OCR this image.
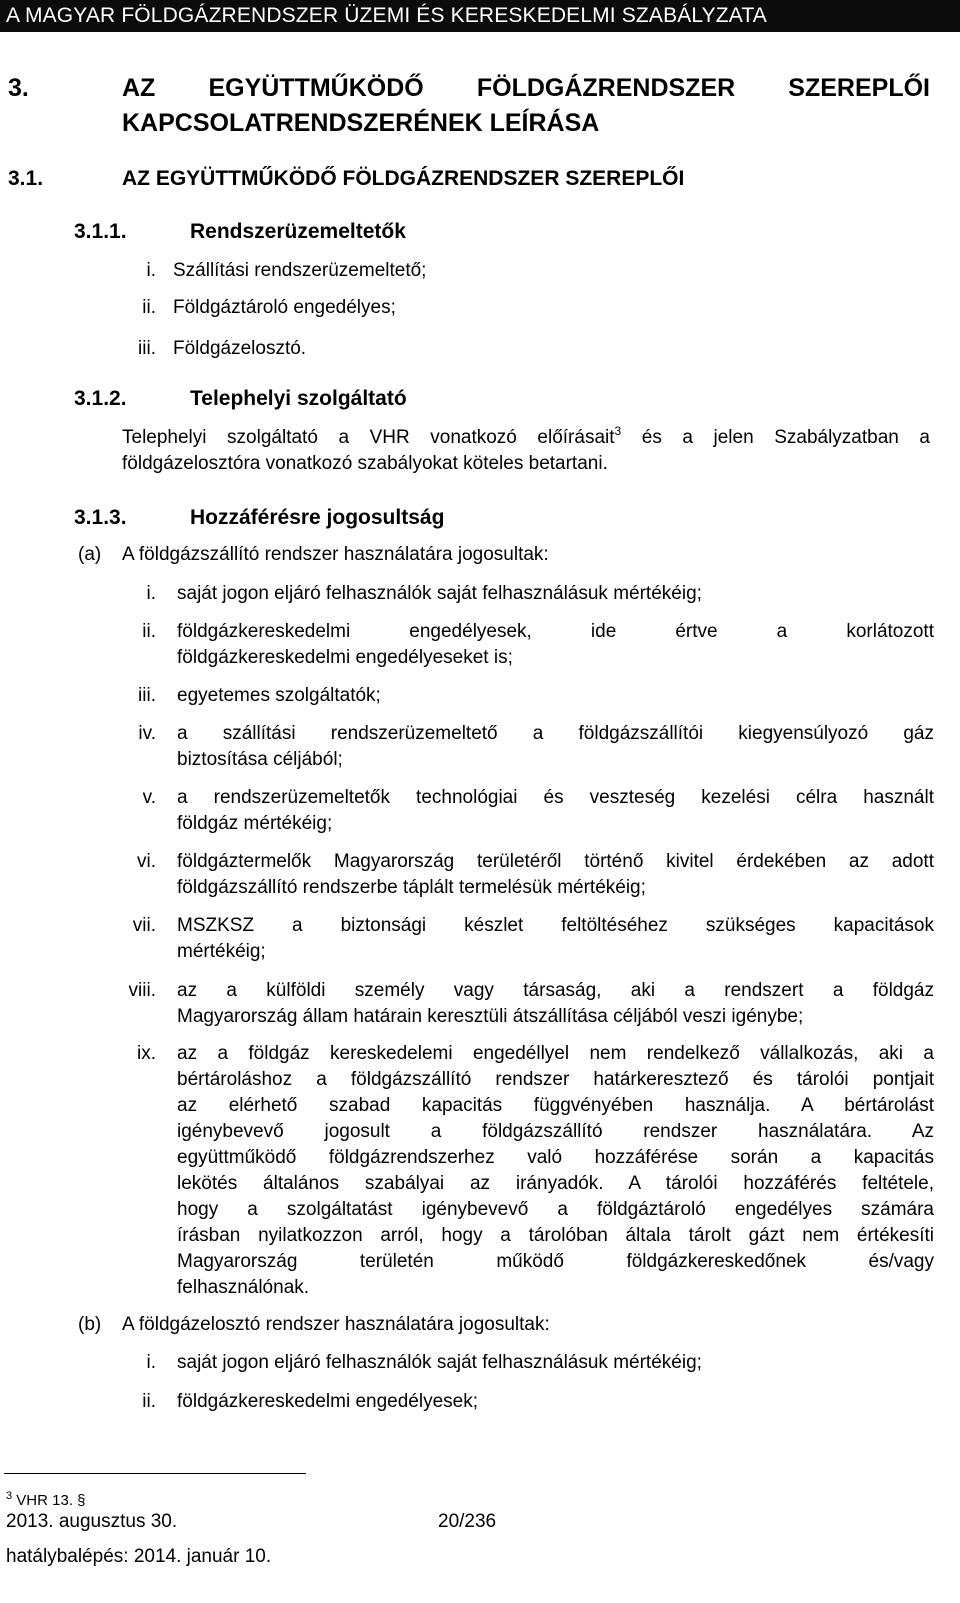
A MAGYAR FÖLDGÁZRENDSZER ÜZEMI ÉS KERESKEDELMI SZABÁLYZATA
3.	AZ EGYÜTTMŰKÖDŐ FÖLDGÁZRENDSZER SZEREPLŐI
KAPCSOLATRENDSZERÉNEK LEÍRÁSA
3.1.	AZ EGYÜTTMŰKÖDŐ FÖLDGÁZRENDSZER SZEREPLŐI
3.1.1.	Rendszerüzemeltetők
i. Szállítási rendszerüzemeltető;
ii. Földgáztároló engedélyes;
iii. Földgázelosztó.
3.1.2.	Telephelyi szolgáltató
Telephelyi szolgáltató a VHR vonatkozó előírásait$^3$ és a jelen Szabályzatban a
földgázelosztóra vonatkozó szabályokat köteles betartani.
3.1.3.	Hozzáférésre jogosultság
(a) A földgázszállító rendszer használatára jogosultak:
i. saját jogon eljáró felhasználók saját felhasználásuk mértékéig;
ii. földgázkereskedelmi engedélyesek, ide értve a korlátozott
földgázkereskedelmi engedélyeseket is;
iii. egyetemes szolgáltatók;
iv. a szállítási rendszerüzemeltető a földgázszállítói kiegyensúlyozó gáz
biztosítása céljából;
v. a rendszerüzemeltetők technológiai és veszteség kezelési célra használt
földgáz mértékéig;
vi. földgáztermelők Magyarország területéről történő kivitel érdekében az adott
földgázszállító rendszerbe táplált termelésük mértékéig;
vii. MSZKSZ a biztonsági készlet feltöltéséhez szükséges kapacitások
mértékéig;
viii. az a külföldi személy vagy társaság, aki a rendszert a földgáz
Magyarország állam határain keresztüli átszállítása céljából veszi igénybe;
ix. az a földgáz kereskedelemi engedéllyel nem rendelkező vállalkozás, aki a
bértároláshoz a földgázszállító rendszer határkeresztező és tárolói pontjait
az elérhető szabad kapacitás függvényében használja. A bértárolást
igénybevevő jogosult a földgázszállító rendszer használatára. Az
együttműködő földgázrendszerhez való hozzáférése során a kapacitás
lekötés általános szabályai az irányadók. A tárolói hozzáférés feltétele,
hogy a szolgáltatást igénybevevő a földgáztároló engedélyes számára
írásban nyilatkozzon arról, hogy a tárolóban általa tárolt gázt nem értékesíti
Magyarország területén működő földgázkereskedőnek és/vagy
felhasználónak.
(b) A földgázelosztó rendszer használatára jogosultak:
i. saját jogon eljáró felhasználók saját felhasználásuk mértékéig;
ii. földgázkereskedelmi engedélyesek;
$^3$ VHR 13. §
2013. augusztus 30.	20/236
hatálybalépés: 2014. január 10.
